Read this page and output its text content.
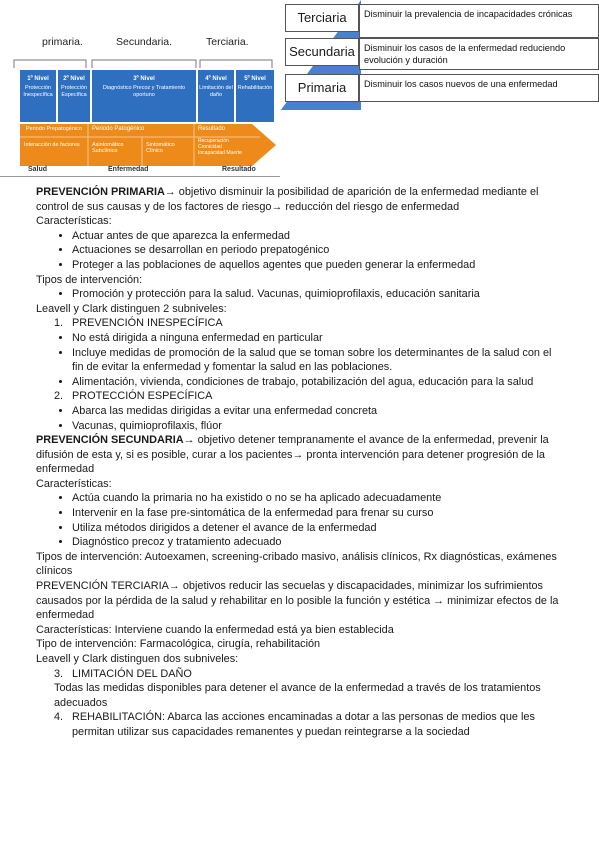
primaria.	Secundaria.	Terciaria.
1º Nivel
Protección Inespecífica
2º Nivel
Protección Específica
3º Nivel
Diagnóstico Precoz y Tratamiento oportuno
4º Nivel
Limitación del daño
5º Nivel
Rehabilitación
Periodo Prepatogénico Periodo Patogénico	Resultado
Interacción de factores	Asintomático Subclínico
Sintomático Clínico
Recuperación Cronicidad Incapacidad Muerte
Salud	Enfermedad	Resultado
Terciaria	Disminuir la prevalencia de incapacidades crónicas
Secundaria Disminuir los casos de la enfermedad reduciendo evolución y duración
Primaria	Disminuir los casos nuevos de una enfermedad

PREVENCIÓN PRIMARIA→ objetivo disminuir la posibilidad de aparición de la enfermedad mediante el control de sus causas y de los factores de riesgo→ reducción del riesgo de enfermedad

Características:

• Actuar antes de que aparezca la enfermedad
• Actuaciones se desarrollan en periodo prepatogénico
• Proteger a las poblaciones de aquellos agentes que pueden generar la enfermedad

Tipos de intervención:

• Promoción y protección para la salud. Vacunas, quimioprofilaxis, educación sanitaria

Leavell y Clark distinguen 2 subniveles:

1. PREVENCIÓN INESPECÍFICA
• No está dirigida a ninguna enfermedad en particular
• Incluye medidas de promoción de la salud que se toman sobre los determinantes de la salud con el fin de evitar la enfermedad y fomentar la salud en las poblaciones.
• Alimentación, vivienda, condiciones de trabajo, potabilización del agua, educación para la salud
2. PROTECCIÓN ESPECÍFICA
• Abarca las medidas dirigidas a evitar una enfermedad concreta
• Vacunas, quimioprofilaxis, flúor

PREVENCIÓN SECUNDARIA→ objetivo detener tempranamente el avance de la enfermedad, prevenir la difusión de esta y, si es posible, curar a los pacientes→ pronta intervención para detener progresión de la enfermedad

Características:

• Actúa cuando la primaria no ha existido o no se ha aplicado adecuadamente
• Intervenir en la fase pre-sintomática de la enfermedad para frenar su curso
• Utiliza métodos dirigidos a detener el avance de la enfermedad
• Diagnóstico precoz y tratamiento adecuado

Tipos de intervención: Autoexamen, screening-cribado masivo, análisis clínicos, Rx diagnósticas, exámenes clínicos

PREVENCIÓN TERCIARIA→ objetivos reducir las secuelas y discapacidades, minimizar los sufrimientos causados por la pérdida de la salud y rehabilitar en lo posible la función y estética → minimizar efectos de la enfermedad

Características: Interviene cuando la enfermedad está ya bien establecida

Tipo de intervención: Farmacológica, cirugía, rehabilitación

Leavell y Clark distinguen dos subniveles:

3. LIMITACIÓN DEL DAÑO

Todas las medidas disponibles para detener el avance de la enfermedad a través de los tratamientos adecuados

4. REHABILITACIÓN: Abarca las acciones encaminadas a dotar a las personas de medios que les permitan utilizar sus capacidades remanentes y puedan reintegrarse a la sociedad
